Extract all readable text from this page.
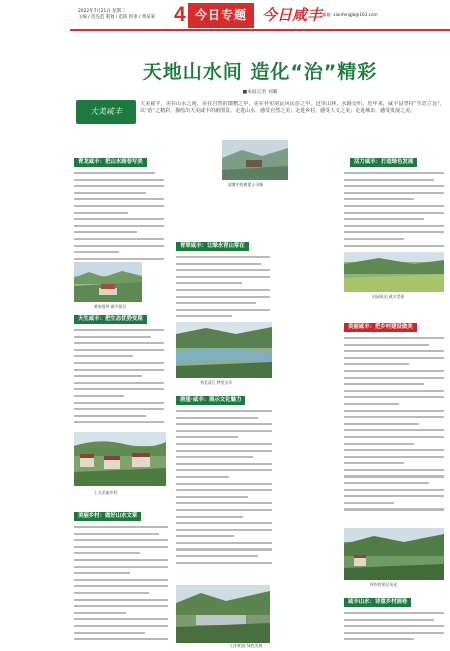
2022年7月21日 星期二
主编 / 范先范 策划 / 范防 校审 / 黄某某 4 今日专题	今日咸丰 邮箱: xianfengjb@163.com
天地山水间 造化“治”精彩
■本报记者 刘璐
大美咸丰
大美咸丰，美在山水之间，美在自然的馈赠之中，美在朴实的民风民俗之中。这里山林、水路交织，近年来，咸丰县坚持“生态立县”，以“治”之精彩，描绘出大美咸丰的新图景。走进山水，感受自然之美；走进乡村，感受人文之美；走进城市，感受发展之美。
青龙咸丰：把山水画卷写美
黄家湾坪 新兴景区
天生咸丰：把生态优势变现
上关美丽乡村
美丽乡村：做好山水文章
晨雾中的唐崖土司城
青翠咸丰：让绿水青山常在
秀美清江 梦里水乡
唐崖·咸丰：展示文化魅力
山水相连 绿色发展
活力咸丰：打造绿色发展
田园风光 咸丰美景
美丽咸丰：把乡村建设做美
坪坝营景区风光
咸丰山水：诗意乡村画卷
